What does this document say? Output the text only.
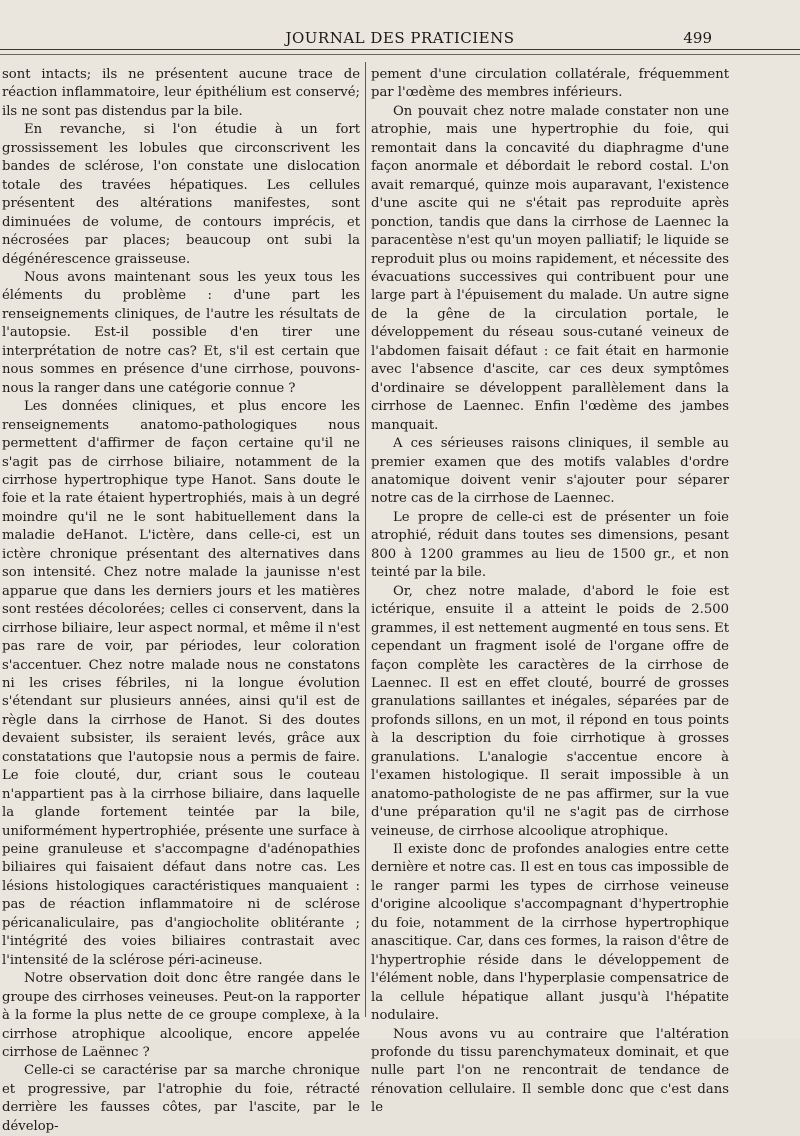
JOURNAL DES PRATICIENS	499

sont intacts; ils ne présentent aucune trace de réaction inflammatoire, leur épithélium est conservé; ils ne sont pas distendus par la bile.

En revanche, si l'on étudie à un fort grossissement les lobules que circonscrivent les bandes de sclérose, l'on constate une dislocation totale des travées hépatiques. Les cellules présentent des altérations manifestes, sont diminuées de volume, de contours imprécis, et nécrosées par places; beaucoup ont subi la dégénérescence graisseuse.

Nous avons maintenant sous les yeux tous les éléments du problème : d'une part les renseignements cliniques, de l'autre les résultats de l'autopsie. Est-il possible d'en tirer une interprétation de notre cas? Et, s'il est certain que nous sommes en présence d'une cirrhose, pouvons-nous la ranger dans une catégorie connue ?

Les données cliniques, et plus encore les renseignements anatomo-pathologiques nous permettent d'affirmer de façon certaine qu'il ne s'agit pas de cirrhose biliaire, notamment de la cirrhose hypertrophique type Hanot. Sans doute le foie et la rate étaient hypertrophiés, mais à un degré moindre qu'il ne le sont habituellement dans la maladie deHanot. L'ictère, dans celle-ci, est un ictère chronique présentant des alternatives dans son intensité. Chez notre malade la jaunisse n'est apparue que dans les derniers jours et les matières sont restées décolorées; celles ci conservent, dans la cirrhose biliaire, leur aspect normal, et même il n'est pas rare de voir, par périodes, leur coloration s'accentuer. Chez notre malade nous ne constatons ni les crises fébriles, ni la longue évolution s'étendant sur plusieurs années, ainsi qu'il est de règle dans la cirrhose de Hanot. Si des doutes devaient subsister, ils seraient levés, grâce aux constatations que l'autopsie nous a permis de faire. Le foie clouté, dur, criant sous le couteau n'appartient pas à la cirrhose biliaire, dans laquelle la glande fortement teintée par la bile, uniformément hypertrophiée, présente une surface à peine granuleuse et s'accompagne d'adénopathies biliaires qui faisaient défaut dans notre cas. Les lésions histologiques caractéristiques manquaient : pas de réaction inflammatoire ni de sclérose péricanaliculaire, pas d'angiocholite oblitérante ; l'intégrité des voies biliaires contrastait avec l'intensité de la sclérose péri-acineuse.

Notre observation doit donc être rangée dans le groupe des cirrhoses veineuses. Peut-on la rapporter à la forme la plus nette de ce groupe complexe, à la cirrhose atrophique alcoolique, encore appelée cirrhose de Laënnec ?

Celle-ci se caractérise par sa marche chronique et progressive, par l'atrophie du foie, rétracté derrière les fausses côtes, par l'ascite, par le dévelop-

pement d'une circulation collatérale, fréquemment par l'œdème des membres inférieurs.

On pouvait chez notre malade constater non une atrophie, mais une hypertrophie du foie, qui remontait dans la concavité du diaphragme d'une façon anormale et débordait le rebord costal. L'on avait remarqué, quinze mois auparavant, l'existence d'une ascite qui ne s'était pas reproduite après ponction, tandis que dans la cirrhose de Laennec la paracentèse n'est qu'un moyen palliatif; le liquide se reproduit plus ou moins rapidement, et nécessite des évacuations successives qui contribuent pour une large part à l'épuisement du malade. Un autre signe de la gêne de la circulation portale, le développement du réseau sous-cutané veineux de l'abdomen faisait défaut : ce fait était en harmonie avec l'absence d'ascite, car ces deux symptômes d'ordinaire se développent parallèlement dans la cirrhose de Laennec. Enfin l'œdème des jambes manquait.

A ces sérieuses raisons cliniques, il semble au premier examen que des motifs valables d'ordre anatomique doivent venir s'ajouter pour séparer notre cas de la cirrhose de Laennec.

Le propre de celle-ci est de présenter un foie atrophié, réduit dans toutes ses dimensions, pesant 800 à 1200 grammes au lieu de 1500 gr., et non teinté par la bile.

Or, chez notre malade, d'abord le foie est ictérique, ensuite il a atteint le poids de 2.500 grammes, il est nettement augmenté en tous sens. Et cependant un fragment isolé de l'organe offre de façon complète les caractères de la cirrhose de Laennec. Il est en effet clouté, bourré de grosses granulations saillantes et inégales, séparées par de profonds sillons, en un mot, il répond en tous points à la description du foie cirrhotique à grosses granulations. L'analogie s'accentue encore à l'examen histologique. Il serait impossible à un anatomo-pathologiste de ne pas affirmer, sur la vue d'une préparation qu'il ne s'agit pas de cirrhose veineuse, de cirrhose alcoolique atrophique.

Il existe donc de profondes analogies entre cette dernière et notre cas. Il est en tous cas impossible de le ranger parmi les types de cirrhose veineuse d'origine alcoolique s'accompagnant d'hypertrophie du foie, notamment de la cirrhose hypertrophique anascitique. Car, dans ces formes, la raison d'être de l'hypertrophie réside dans le développement de l'élément noble, dans l'hyperplasie compensatrice de la cellule hépatique allant jusqu'à l'hépatite nodulaire.

Nous avons vu au contraire que l'altération profonde du tissu parenchymateux dominait, et que nulle part l'on ne rencontrait de tendance de rénovation cellulaire. Il semble donc que c'est dans le
